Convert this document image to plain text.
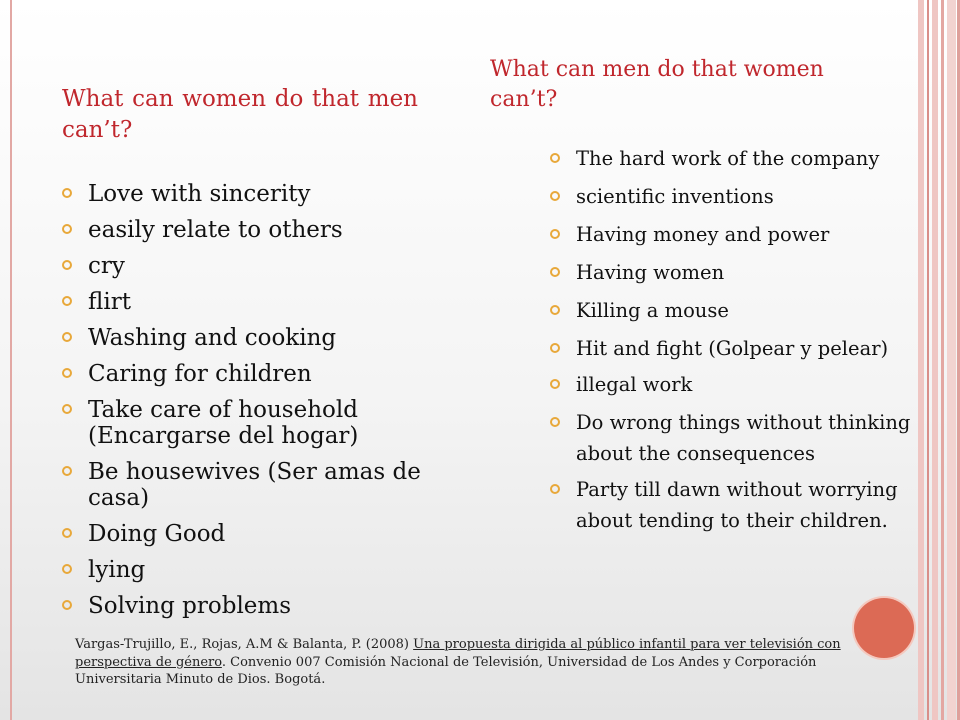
What can women do that men can’t?
What can men do that women can’t?
Love with sincerity
easily relate to others
cry
flirt
Washing and cooking
Caring for children
Take care of household (Encargarse del hogar)
Be housewives (Ser amas de casa)
Doing Good
lying
Solving problems
The hard work of the company
scientific inventions
Having money and power
Having women
Killing a mouse
Hit and fight (Golpear y pelear)
illegal work
Do wrong things without thinking about the consequences
Party till dawn without worrying about tending to their children.

Vargas-Trujillo, E., Rojas, A.M & Balanta, P. (2008) Una propuesta dirigida al público infantil para ver televisión con perspectiva de género. Convenio 007 Comisión Nacional de Televisión, Universidad de Los Andes y Corporación Universitaria Minuto de Dios. Bogotá.
